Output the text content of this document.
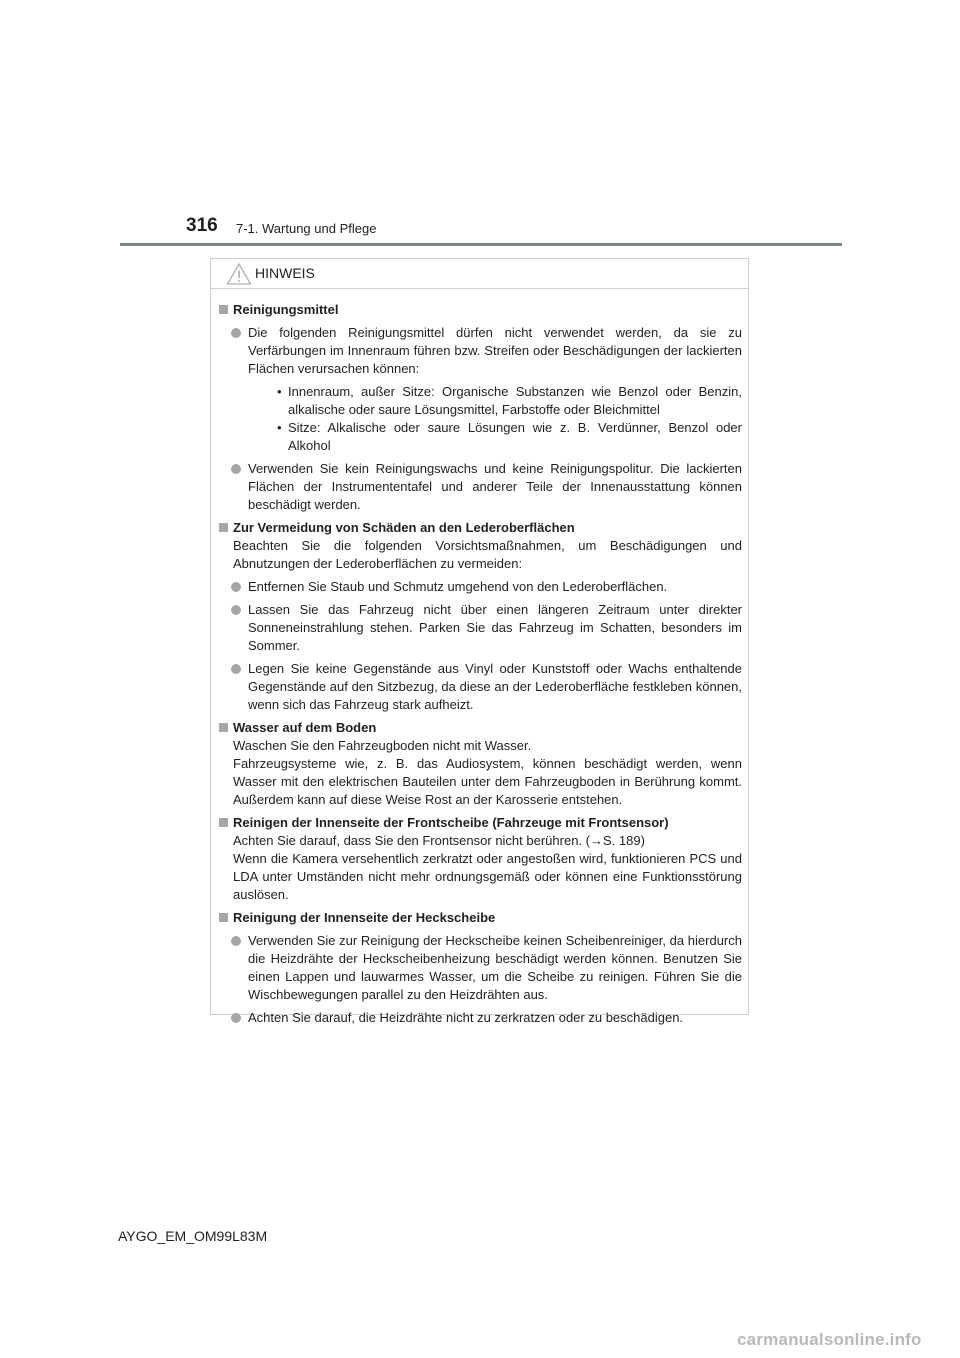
316 7-1. Wartung und Pflege
HINWEIS
Reinigungsmittel
Die folgenden Reinigungsmittel dürfen nicht verwendet werden, da sie zu Verfärbungen im Innenraum führen bzw. Streifen oder Beschädigungen der lackierten Flächen verursachen können:
• Innenraum, außer Sitze: Organische Substanzen wie Benzol oder Benzin, alkalische oder saure Lösungsmittel, Farbstoffe oder Bleichmittel
• Sitze: Alkalische oder saure Lösungen wie z. B. Verdünner, Benzol oder Alkohol
Verwenden Sie kein Reinigungswachs und keine Reinigungspolitur. Die lackierten Flächen der Instrumententafel und anderer Teile der Innenausstattung können beschädigt werden.
Zur Vermeidung von Schäden an den Lederoberflächen
Beachten Sie die folgenden Vorsichtsmaßnahmen, um Beschädigungen und Abnutzungen der Lederoberflächen zu vermeiden:
Entfernen Sie Staub und Schmutz umgehend von den Lederoberflächen.
Lassen Sie das Fahrzeug nicht über einen längeren Zeitraum unter direkter Sonneneinstrahlung stehen. Parken Sie das Fahrzeug im Schatten, besonders im Sommer.
Legen Sie keine Gegenstände aus Vinyl oder Kunststoff oder Wachs enthaltende Gegenstände auf den Sitzbezug, da diese an der Lederoberfläche festkleben können, wenn sich das Fahrzeug stark aufheizt.
Wasser auf dem Boden
Waschen Sie den Fahrzeugboden nicht mit Wasser.
Fahrzeugsysteme wie, z. B. das Audiosystem, können beschädigt werden, wenn Wasser mit den elektrischen Bauteilen unter dem Fahrzeugboden in Berührung kommt. Außerdem kann auf diese Weise Rost an der Karosserie entstehen.
Reinigen der Innenseite der Frontscheibe (Fahrzeuge mit Frontsensor)
Achten Sie darauf, dass Sie den Frontsensor nicht berühren. (→S. 189)
Wenn die Kamera versehentlich zerkratzt oder angestoßen wird, funktionieren PCS und LDA unter Umständen nicht mehr ordnungsgemäß oder können eine Funktionsstörung auslösen.
Reinigung der Innenseite der Heckscheibe
Verwenden Sie zur Reinigung der Heckscheibe keinen Scheibenreiniger, da hierdurch die Heizdrähte der Heckscheibenheizung beschädigt werden können. Benutzen Sie einen Lappen und lauwarmes Wasser, um die Scheibe zu reinigen. Führen Sie die Wischbewegungen parallel zu den Heizdrähten aus.
Achten Sie darauf, die Heizdrähte nicht zu zerkratzen oder zu beschädigen.
AYGO_EM_OM99L83M
carmanualsonline.info
